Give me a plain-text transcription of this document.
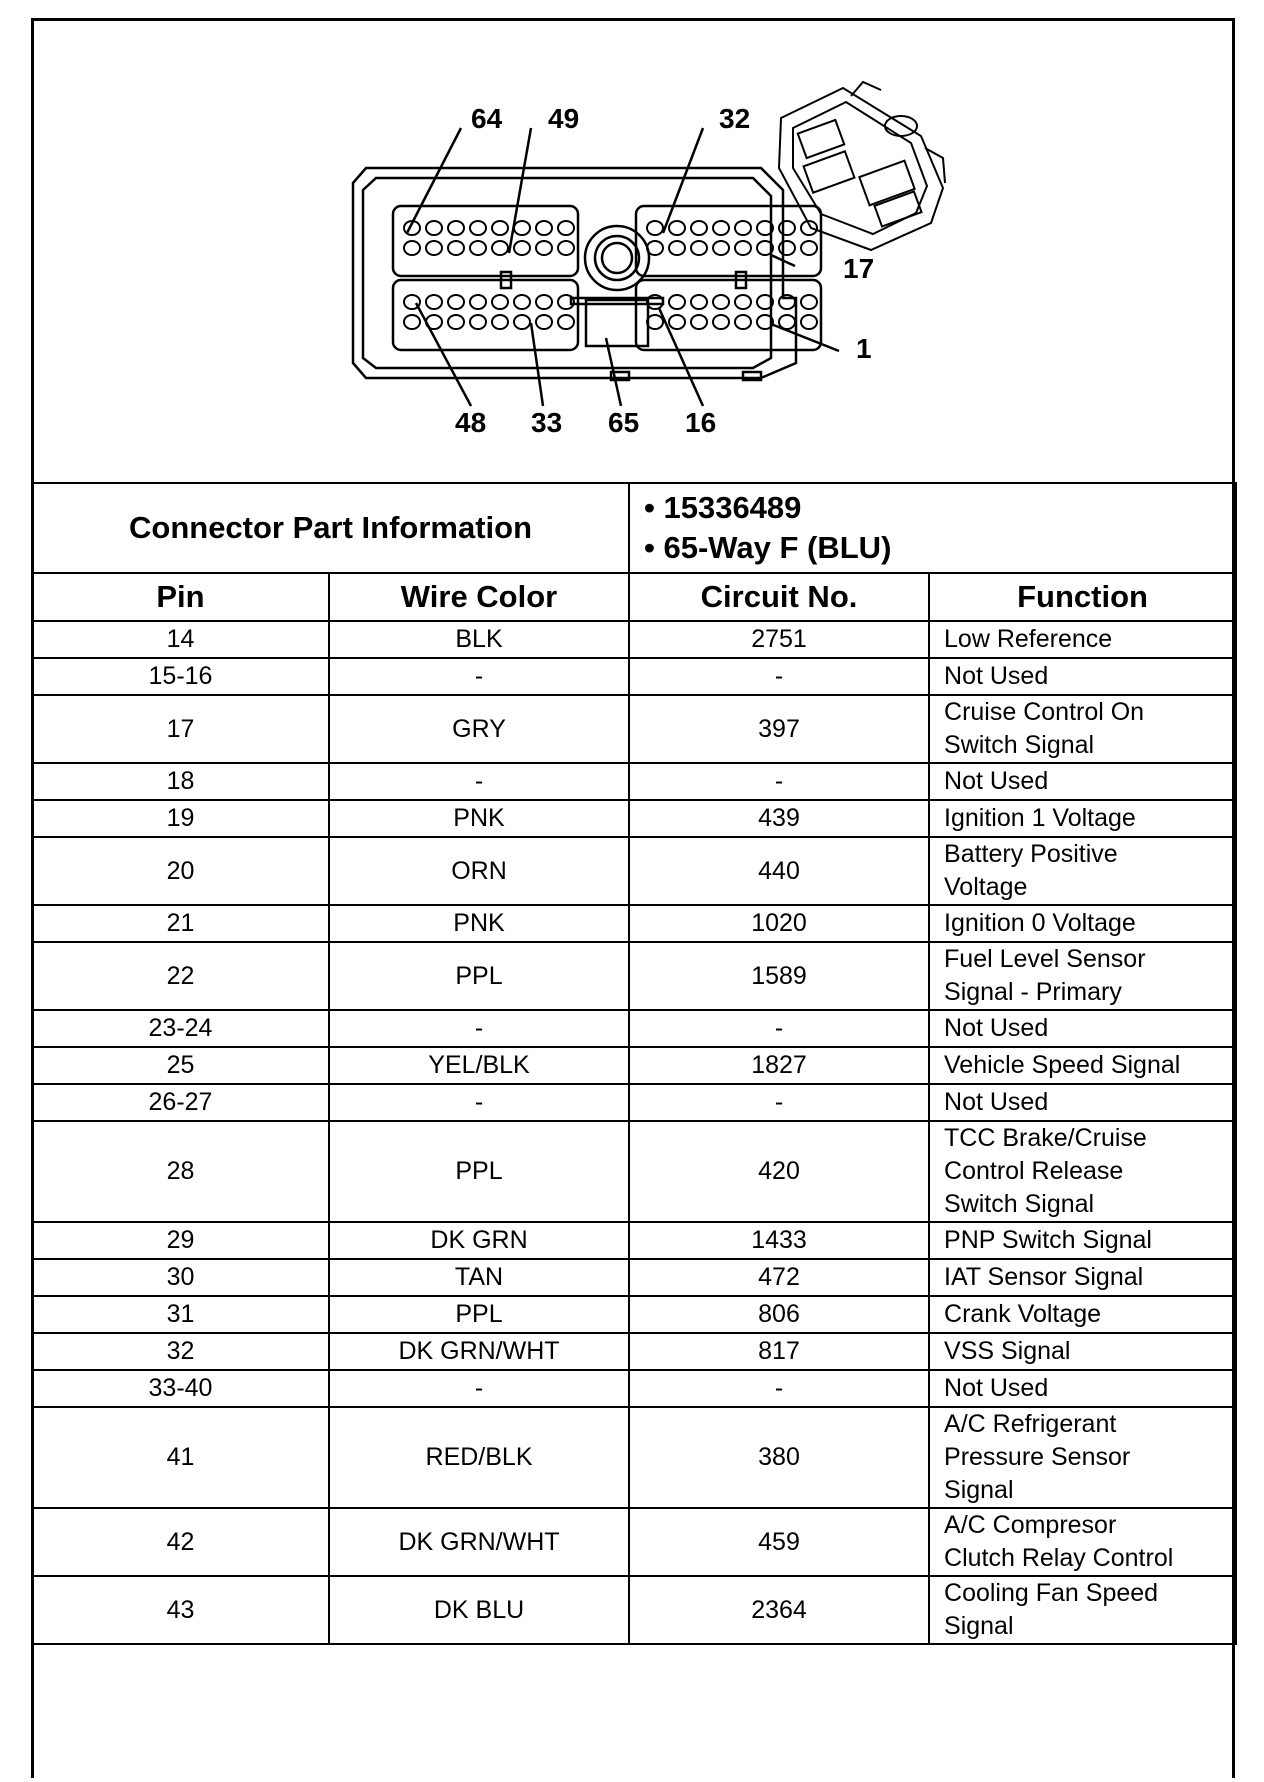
64 49	32
17
1
48 33 65 16
Connector Part Information		• 15336489
• 65-Way F (BLU)	

Pin	Wire Color	Circuit No.	Function
14	BLK	2751	Low Reference

15-16	-	-	Not Used

17	GRY	397	Cruise Control On
Switch Signal

18	-	-	Not Used

19	PNK	439	Ignition 1 Voltage

20	ORN	440	Battery Positive
Voltage

21	PNK	1020	Ignition 0 Voltage

22	PPL	1589	Fuel Level Sensor
Signal - Primary

23-24	-	-	Not Used

25	YEL/BLK	1827	Vehicle Speed Signal

26-27	-	-	Not Used

28	PPL	420	TCC Brake/Cruise
Control Release
Switch Signal

29	DK GRN	1433	PNP Switch Signal

30	TAN	472	IAT Sensor Signal

31	PPL	806	Crank Voltage

32	DK GRN/WHT	817	VSS Signal

33-40	-	-	Not Used

41	RED/BLK	380	A/C Refrigerant
Pressure Sensor
Signal

42	DK GRN/WHT	459	A/C Compresor
Clutch Relay Control

43	DK BLU	2364	Cooling Fan Speed
Signal
